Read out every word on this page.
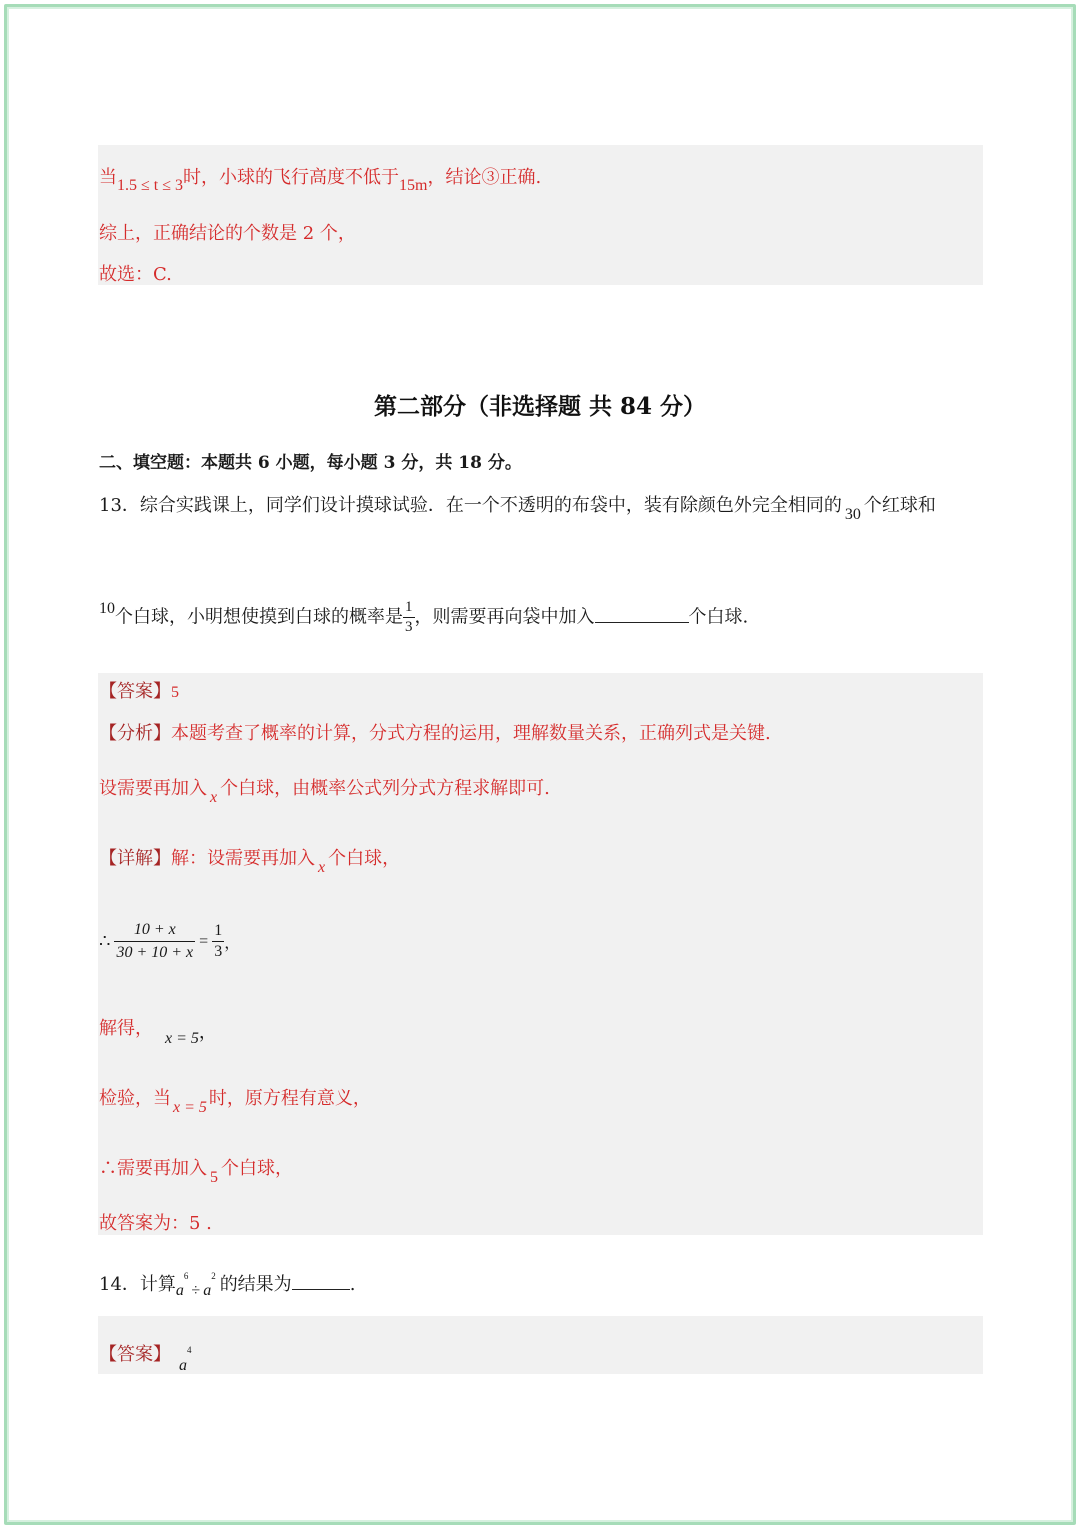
当1.5 ≤ t ≤ 3时，小球的飞行高度不低于15m，结论③正确.
综上，正确结论的个数是 2 个，
故选：C.
第二部分（非选择题 共 84 分）
二、填空题：本题共 6 小题，每小题 3 分，共 18 分。
13．综合实践课上，同学们设计摸球试验．在一个不透明的布袋中，装有除颜色外完全相同的 30 个红球和
10个白球，小明想使摸到白球的概率是 $\frac{1}{3}$ ，则需要再向袋中加入	个白球.
【答案】5
【分析】本题考查了概率的计算，分式方程的运用，理解数量关系，正确列式是关键.
设需要再加入 x 个白球，由概率公式列分式方程求解即可.
【详解】解：设需要再加入 x 个白球，
∴ $\frac{10 + x}{30 + 10 + x} = \frac{1}{3}$ ，
解得， x = 5，
检验，当 x = 5 时，原方程有意义，
∴需要再加入 5 个白球，
故答案为：5 .
14．计算$a^6\div a^2$ 的结果为	.
【答案】$a^4$
